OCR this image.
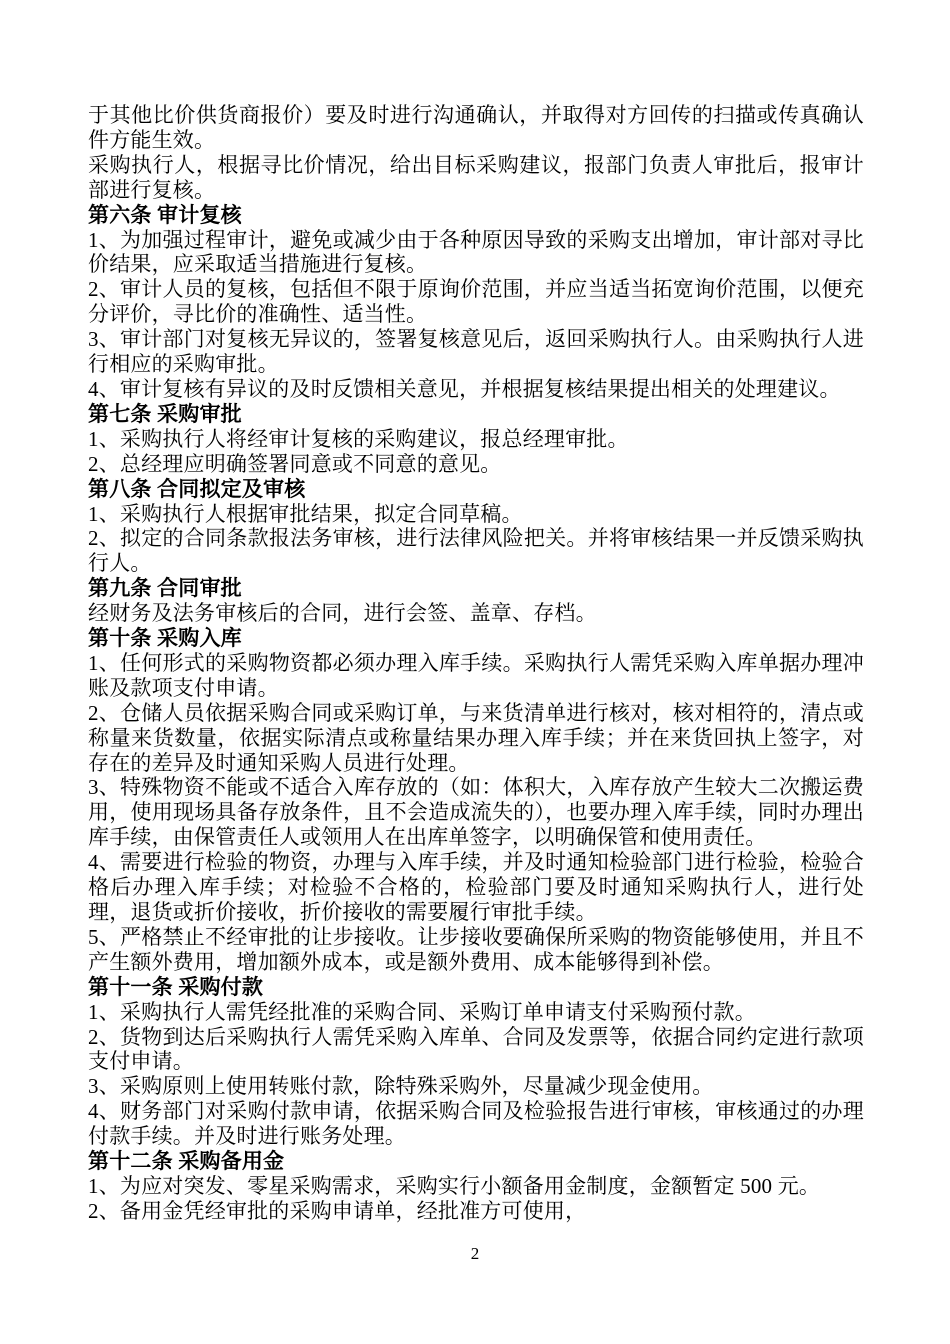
于其他比价供货商报价）要及时进行沟通确认，并取得对方回传的扫描或传真确认件方能生效。
采购执行人，根据寻比价情况，给出目标采购建议，报部门负责人审批后，报审计部进行复核。
第六条 审计复核
1、为加强过程审计，避免或减少由于各种原因导致的采购支出增加，审计部对寻比价结果，应采取适当措施进行复核。
2、审计人员的复核，包括但不限于原询价范围，并应当适当拓宽询价范围，以便充分评价，寻比价的准确性、适当性。
3、审计部门对复核无异议的，签署复核意见后，返回采购执行人。由采购执行人进行相应的采购审批。
4、审计复核有异议的及时反馈相关意见，并根据复核结果提出相关的处理建议。
第七条 采购审批
1、采购执行人将经审计复核的采购建议，报总经理审批。
2、总经理应明确签署同意或不同意的意见。
第八条 合同拟定及审核
1、采购执行人根据审批结果，拟定合同草稿。
2、拟定的合同条款报法务审核，进行法律风险把关。并将审核结果一并反馈采购执行人。
第九条 合同审批
经财务及法务审核后的合同，进行会签、盖章、存档。
第十条 采购入库
1、任何形式的采购物资都必须办理入库手续。采购执行人需凭采购入库单据办理冲账及款项支付申请。
2、仓储人员依据采购合同或采购订单，与来货清单进行核对，核对相符的，清点或称量来货数量，依据实际清点或称量结果办理入库手续；并在来货回执上签字，对存在的差异及时通知采购人员进行处理。
3、特殊物资不能或不适合入库存放的（如：体积大，入库存放产生较大二次搬运费用，使用现场具备存放条件，且不会造成流失的），也要办理入库手续，同时办理出库手续，由保管责任人或领用人在出库单签字，以明确保管和使用责任。
4、需要进行检验的物资，办理与入库手续，并及时通知检验部门进行检验，检验合格后办理入库手续；对检验不合格的，检验部门要及时通知采购执行人，进行处理，退货或折价接收，折价接收的需要履行审批手续。
5、严格禁止不经审批的让步接收。让步接收要确保所采购的物资能够使用，并且不产生额外费用，增加额外成本，或是额外费用、成本能够得到补偿。
第十一条 采购付款
1、采购执行人需凭经批准的采购合同、采购订单申请支付采购预付款。
2、货物到达后采购执行人需凭采购入库单、合同及发票等，依据合同约定进行款项支付申请。
3、采购原则上使用转账付款，除特殊采购外，尽量减少现金使用。
4、财务部门对采购付款申请，依据采购合同及检验报告进行审核，审核通过的办理付款手续。并及时进行账务处理。
第十二条 采购备用金
1、为应对突发、零星采购需求，采购实行小额备用金制度，金额暂定 500 元。
2、备用金凭经审批的采购申请单，经批准方可使用，
2
